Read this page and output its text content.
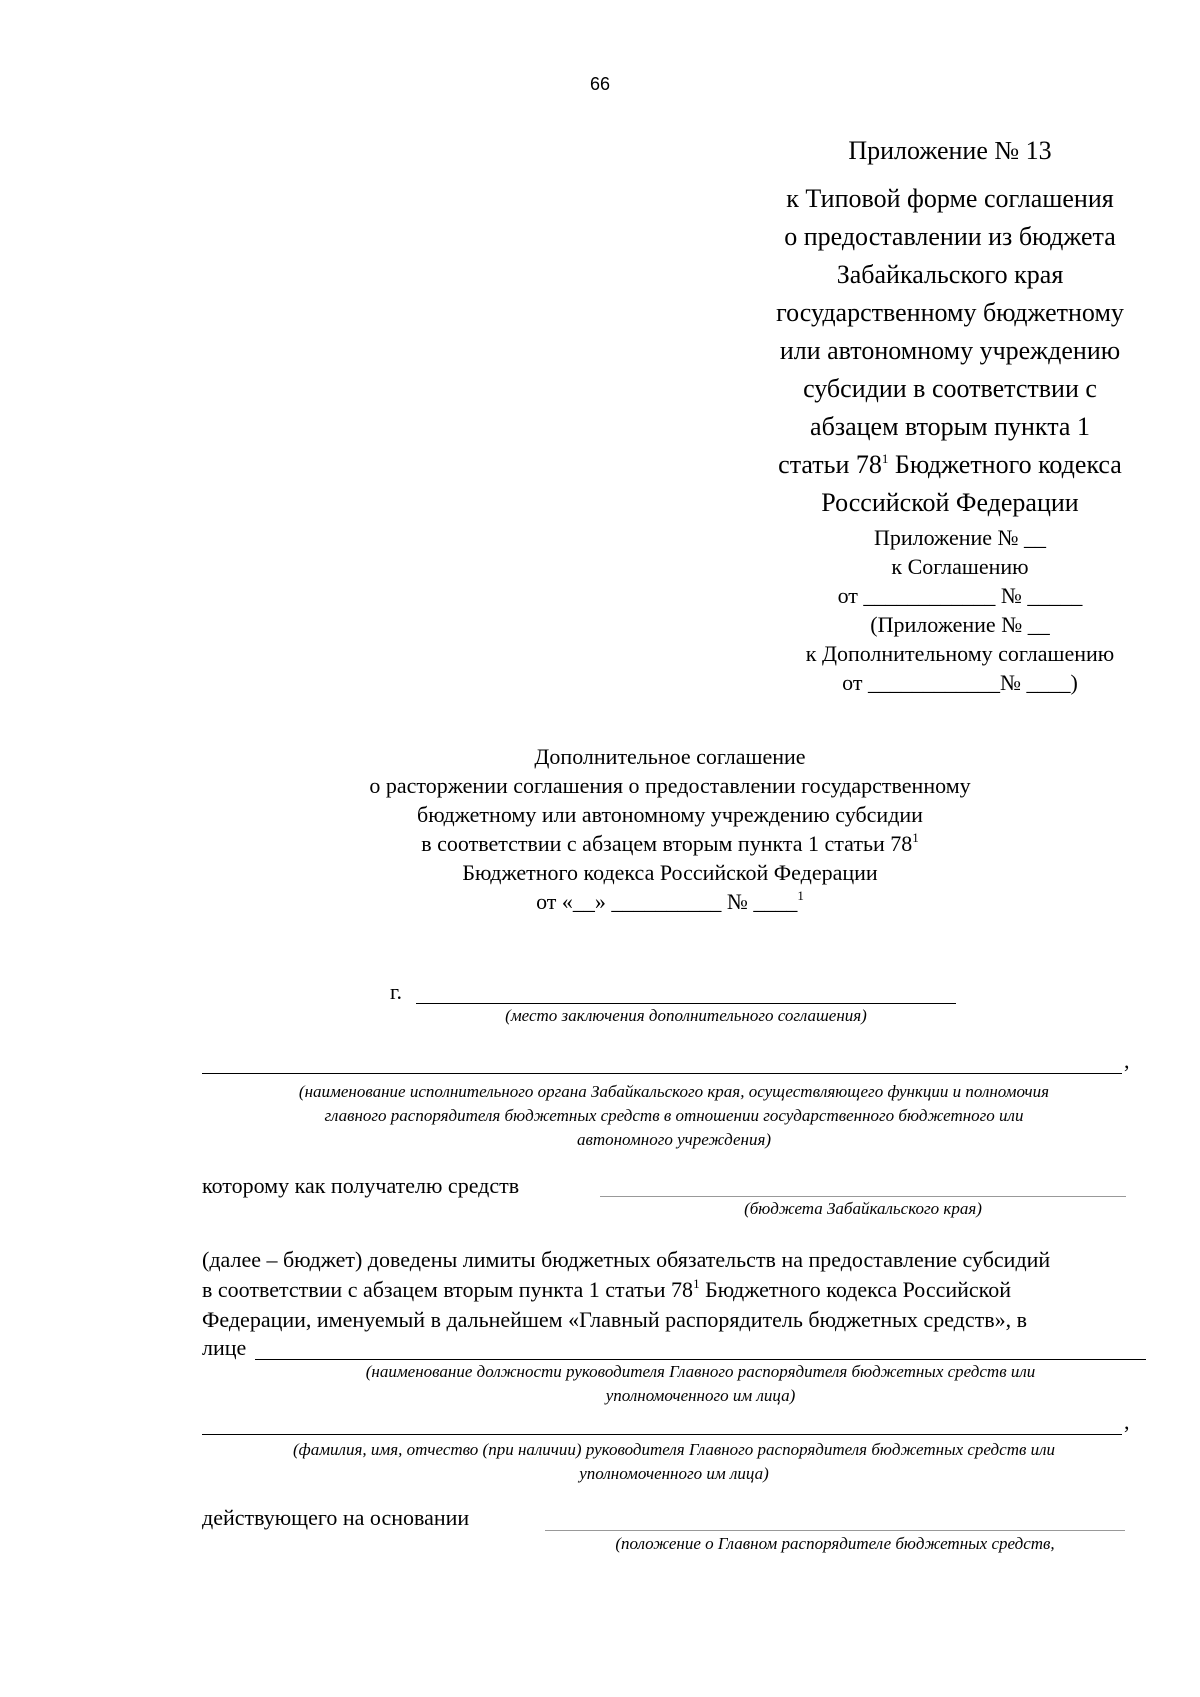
66
Приложение № 13
к Типовой форме соглашения
о предоставлении из бюджета
Забайкальского края
государственному бюджетному
или автономному учреждению
субсидии в соответствии с
абзацем вторым пункта 1
статьи $78^1$ Бюджетного кодекса
Российской Федерации
Приложение № __
к Соглашению
от ____________ № _____
(Приложение № __
к Дополнительному соглашению
от ____________№ ____)
Дополнительное соглашение
о расторжении соглашения о предоставлении государственному
бюджетному или автономному учреждению субсидии
в соответствии с абзацем вторым пункта 1 статьи $78^1$
Бюджетного кодекса Российской Федерации
от «__» __________ № ____$^1$
г.
(место заключения дополнительного соглашения)
,
(наименование исполнительного органа Забайкальского края, осуществляющего функции и полномочия
главного распорядителя бюджетных средств в отношении государственного бюджетного или
автономного учреждения)
которому как получателю средств
(бюджета Забайкальского края)
(далее – бюджет) доведены лимиты бюджетных обязательств на предоставление субсидий
в соответствии с абзацем вторым пункта 1 статьи $78^1$ Бюджетного кодекса Российской
Федерации, именуемый в дальнейшем «Главный распорядитель бюджетных средств», в
лице
(наименование должности руководителя Главного распорядителя бюджетных средств или
уполномоченного им лица)
,
(фамилия, имя, отчество (при наличии) руководителя Главного распорядителя бюджетных средств или
уполномоченного им лица)
действующего на основании
(положение о Главном распорядителе бюджетных средств,
